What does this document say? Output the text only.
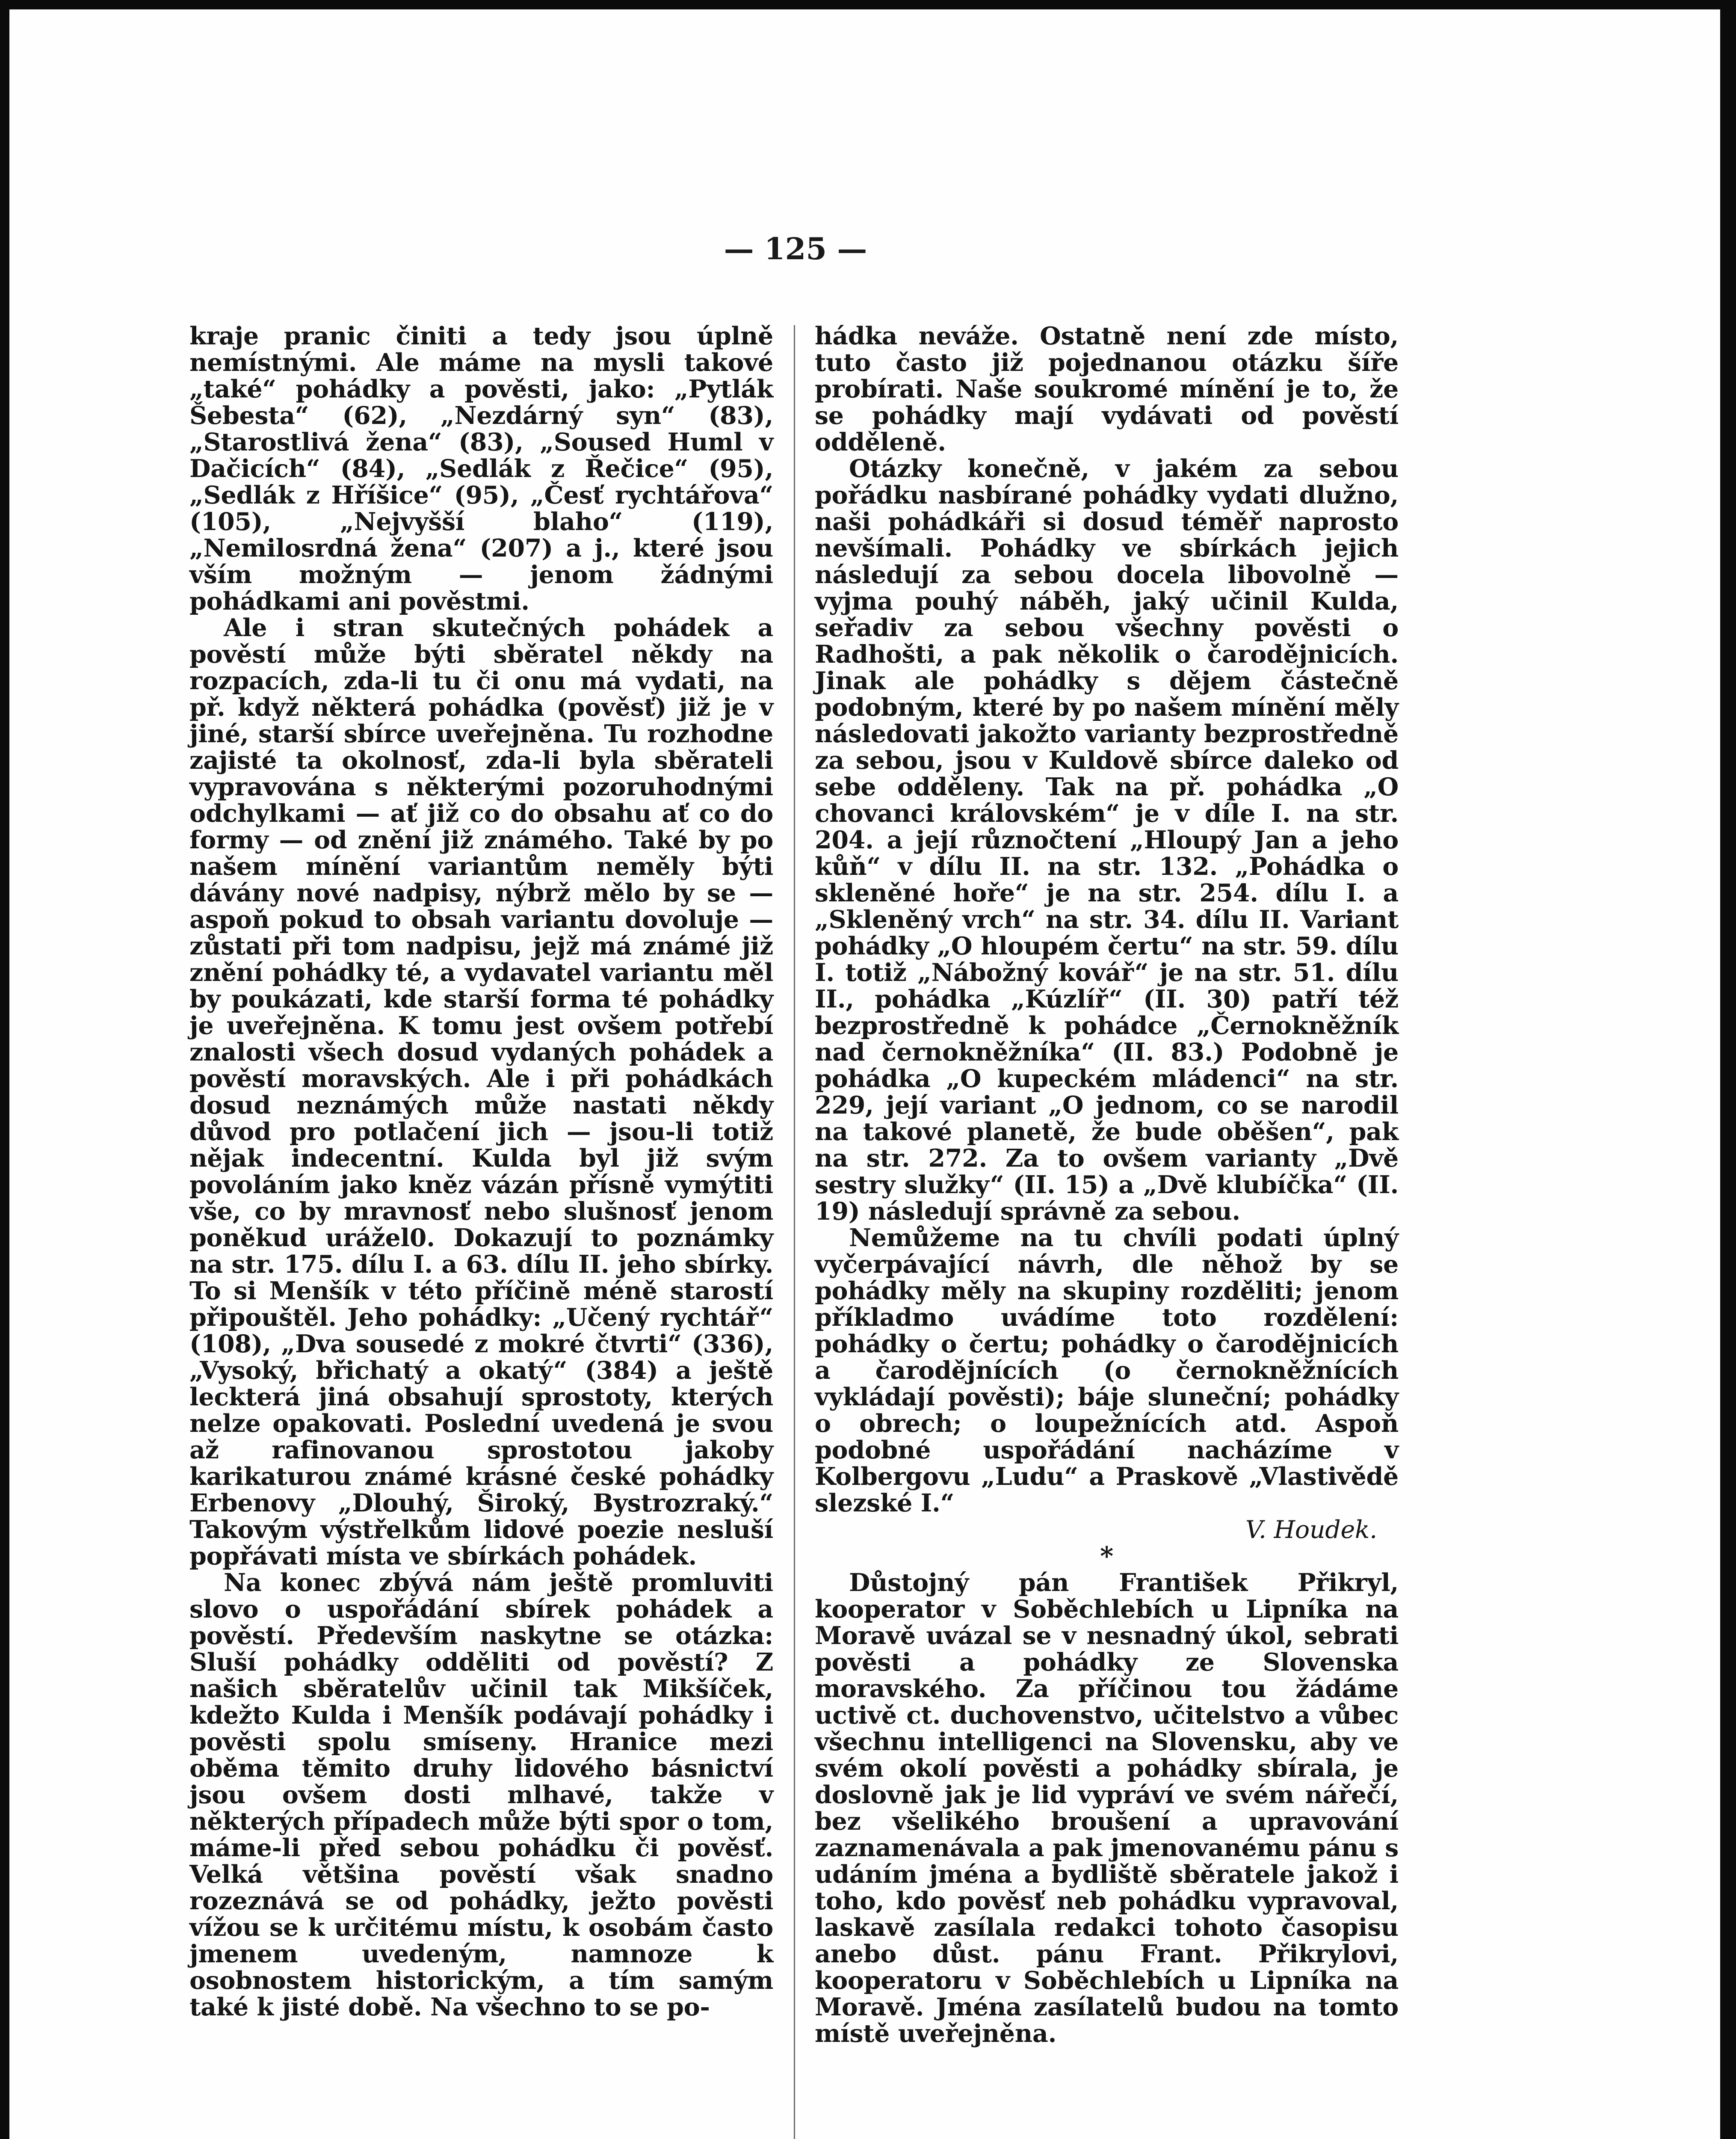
— 125 —

kraje pranic činiti a tedy jsou úplně nemístnými. Ale máme na mysli takové „také“ pohádky a pověsti, jako: „Pytlák Šebesta“ (62), „Nezdárný syn“ (83), „Starostlivá žena“ (83), „Soused Huml v Dačicích“ (84), „Sedlák z Řečice“ (95), „Sedlák z Hříšice“ (95), „Česť rychtářova“ (105), „Nejvyšší blaho“ (119), „Nemilosrdná žena“ (207) a j., které jsou vším možným — jenom žádnými pohádkami ani pověstmi.

Ale i stran skutečných pohádek a pověstí může býti sběratel někdy na rozpacích, zda-li tu či onu má vydati, na př. když některá pohádka (pověsť) již je v jiné, starší sbírce uveřejněna. Tu rozhodne zajisté ta okolnosť, zda-li byla sběrateli vypravována s některými pozoruhodnými odchylkami — ať již co do obsahu ať co do formy — od znění již známého. Také by po našem mínění variantům neměly býti dávány nové nadpisy, nýbrž mělo by se — aspoň pokud to obsah variantu dovoluje — zůstati při tom nadpisu, jejž má známé již znění pohádky té, a vydavatel variantu měl by poukázati, kde starší forma té pohádky je uveřejněna. K tomu jest ovšem potřebí znalosti všech dosud vydaných pohádek a pověstí moravských. Ale i při pohádkách dosud neznámých může nastati někdy důvod pro potlačení jich — jsou-li totiž nějak indecentní. Kulda byl již svým povoláním jako kněz vázán přísně vymýtiti vše, co by mravnosť nebo slušnosť jenom poněkud urážel0. Dokazují to poznámky na str. 175. dílu I. a 63. dílu II. jeho sbírky. To si Menšík v této příčině méně starostí připouštěl. Jeho pohádky: „Učený rychtář“ (108), „Dva sousedé z mokré čtvrti“ (336), „Vysoký, břichatý a okatý“ (384) a ještě leckterá jiná obsahují sprostoty, kterých nelze opakovati. Poslední uvedená je svou až rafinovanou sprostotou jakoby karikaturou známé krásné české pohádky Erbenovy „Dlouhý, Široký, Bystrozraký.“ Takovým výstřelkům lidové poezie nesluší popřávati místa ve sbírkách pohádek.

Na konec zbývá nám ještě promluviti slovo o uspořádání sbírek pohádek a pověstí. Především naskytne se otázka: Sluší pohádky odděliti od pověstí? Z našich sběratelův učinil tak Mikšíček, kdežto Kulda i Menšík podávají pohádky i pověsti spolu smíseny. Hranice mezi oběma těmito druhy lidového básnictví jsou ovšem dosti mlhavé, takže v některých případech může býti spor o tom, máme-li před sebou pohádku či pověsť. Velká většina pověstí však snadno rozeznává se od pohádky, ježto pověsti vížou se k určitému místu, k osobám často jmenem uvedeným, namnoze k osobnostem historickým, a tím samým také k jisté době. Na všechno to se po-

hádka neváže. Ostatně není zde místo, tuto často již pojednanou otázku šíře probírati. Naše soukromé mínění je to, že se pohádky mají vydávati od pověstí odděleně.

Otázky konečně, v jakém za sebou pořádku nasbírané pohádky vydati dlužno, naši pohádkáři si dosud téměř naprosto nevšímali. Pohádky ve sbírkách jejich následují za sebou docela libovolně — vyjma pouhý náběh, jaký učinil Kulda, seřadiv za sebou všechny pověsti o Radhošti, a pak několik o čarodějnicích. Jinak ale pohádky s dějem částečně podobným, které by po našem mínění měly následovati jakožto varianty bezprostředně za sebou, jsou v Kuldově sbírce daleko od sebe odděleny. Tak na př. pohádka „O chovanci královském“ je v díle I. na str. 204. a její různočtení „Hloupý Jan a jeho kůň“ v dílu II. na str. 132. „Pohádka o skleněné hoře“ je na str. 254. dílu I. a „Skleněný vrch“ na str. 34. dílu II. Variant pohádky „O hloupém čertu“ na str. 59. dílu I. totiž „Nábožný kovář“ je na str. 51. dílu II., pohádka „Kúzlíř“ (II. 30) patří též bezprostředně k pohádce „Černokněžník nad černokněžníka“ (II. 83.) Podobně je pohádka „O kupeckém mládenci“ na str. 229, její variant „O jednom, co se narodil na takové planetě, že bude oběšen“, pak na str. 272. Za to ovšem varianty „Dvě sestry služky“ (II. 15) a „Dvě klubíčka“ (II. 19) následují správně za sebou.

Nemůžeme na tu chvíli podati úplný vyčerpávající návrh, dle něhož by se pohádky měly na skupiny rozděliti; jenom příkladmo uvádíme toto rozdělení: pohádky o čertu; pohádky o čarodějnicích a čarodějnících (o černokněžnících vykládají pověsti); báje sluneční; pohádky o obrech; o loupežnících atd. Aspoň podobné uspořádání nacházíme v Kolbergovu „Ludu“ a Praskově „Vlastivědě slezské I.“

V. Houdek.

*

Důstojný pán František Přikryl, kooperator v Soběchlebích u Lipníka na Moravě uvázal se v nesnadný úkol, sebrati pověsti a pohádky ze Slovenska moravského. Za příčinou tou žádáme uctivě ct. duchovenstvo, učitelstvo a vůbec všechnu intelligenci na Slovensku, aby ve svém okolí pověsti a pohádky sbírala, je doslovně jak je lid vypráví ve svém nářečí, bez všelikého broušení a upravování zaznamenávala a pak jmenovanému pánu s udáním jména a bydliště sběratele jakož i toho, kdo pověsť neb pohádku vypravoval, laskavě zasílala redakci tohoto časopisu anebo důst. pánu Frant. Přikrylovi, kooperatoru v Soběchlebích u Lipníka na Moravě. Jména zasílatelů budou na tomto místě uveřejněna.
